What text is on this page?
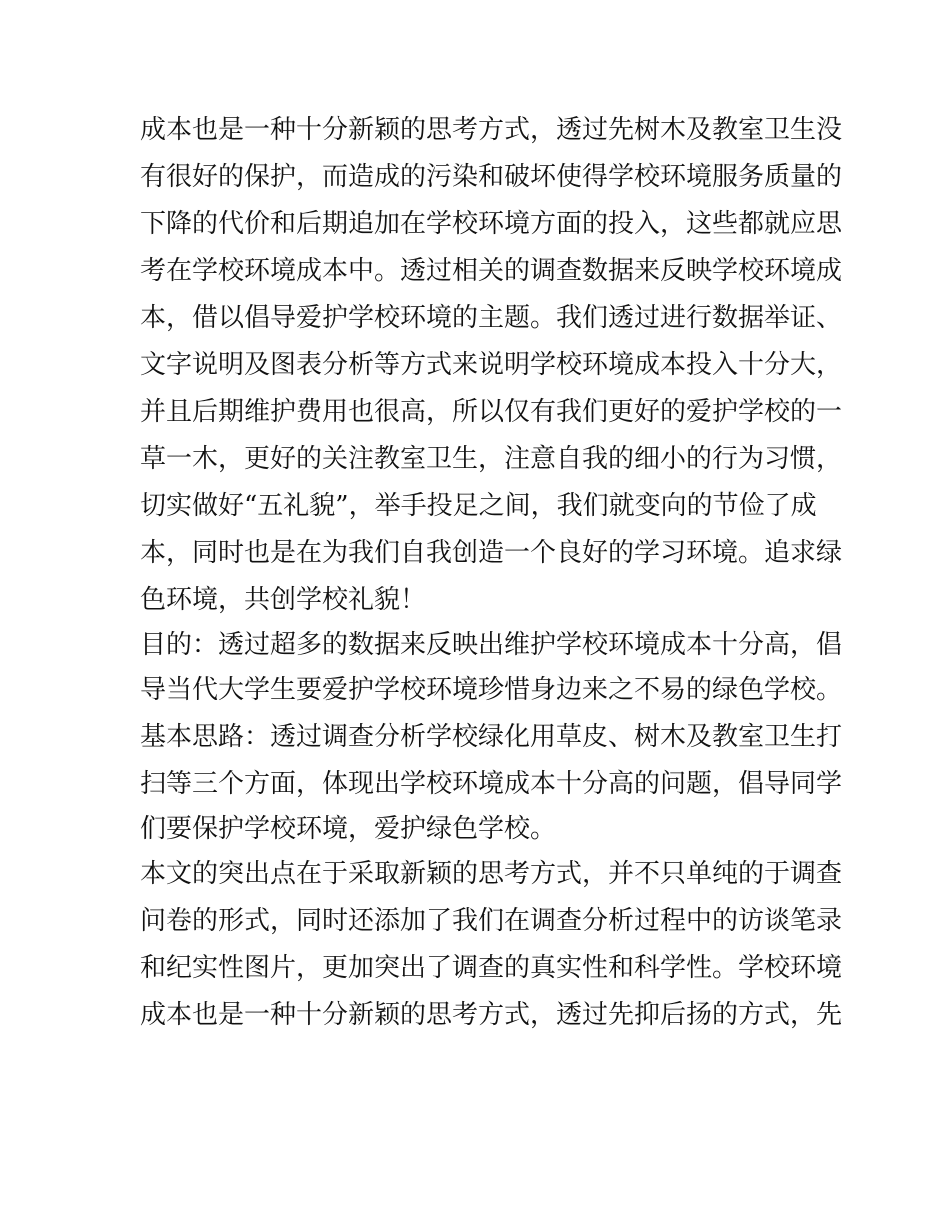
成本也是一种十分新颖的思考方式，透过先树木及教室卫生没
有很好的保护，而造成的污染和破坏使得学校环境服务质量的
下降的代价和后期追加在学校环境方面的投入，这些都就应思
考在学校环境成本中。透过相关的调查数据来反映学校环境成
本，借以倡导爱护学校环境的主题。我们透过进行数据举证、
文字说明及图表分析等方式来说明学校环境成本投入十分大，
并且后期维护费用也很高，所以仅有我们更好的爱护学校的一
草一木，更好的关注教室卫生，注意自我的细小的行为习惯，
切实做好“五礼貌”，举手投足之间，我们就变向的节俭了成
本，同时也是在为我们自我创造一个良好的学习环境。追求绿
色环境，共创学校礼貌！
目的：透过超多的数据来反映出维护学校环境成本十分高，倡
导当代大学生要爱护学校环境珍惜身边来之不易的绿色学校。
基本思路：透过调查分析学校绿化用草皮、树木及教室卫生打
扫等三个方面，体现出学校环境成本十分高的问题，倡导同学
们要保护学校环境，爱护绿色学校。
本文的突出点在于采取新颖的思考方式，并不只单纯的于调查
问卷的形式，同时还添加了我们在调查分析过程中的访谈笔录
和纪实性图片，更加突出了调查的真实性和科学性。学校环境
成本也是一种十分新颖的思考方式，透过先抑后扬的方式，先
